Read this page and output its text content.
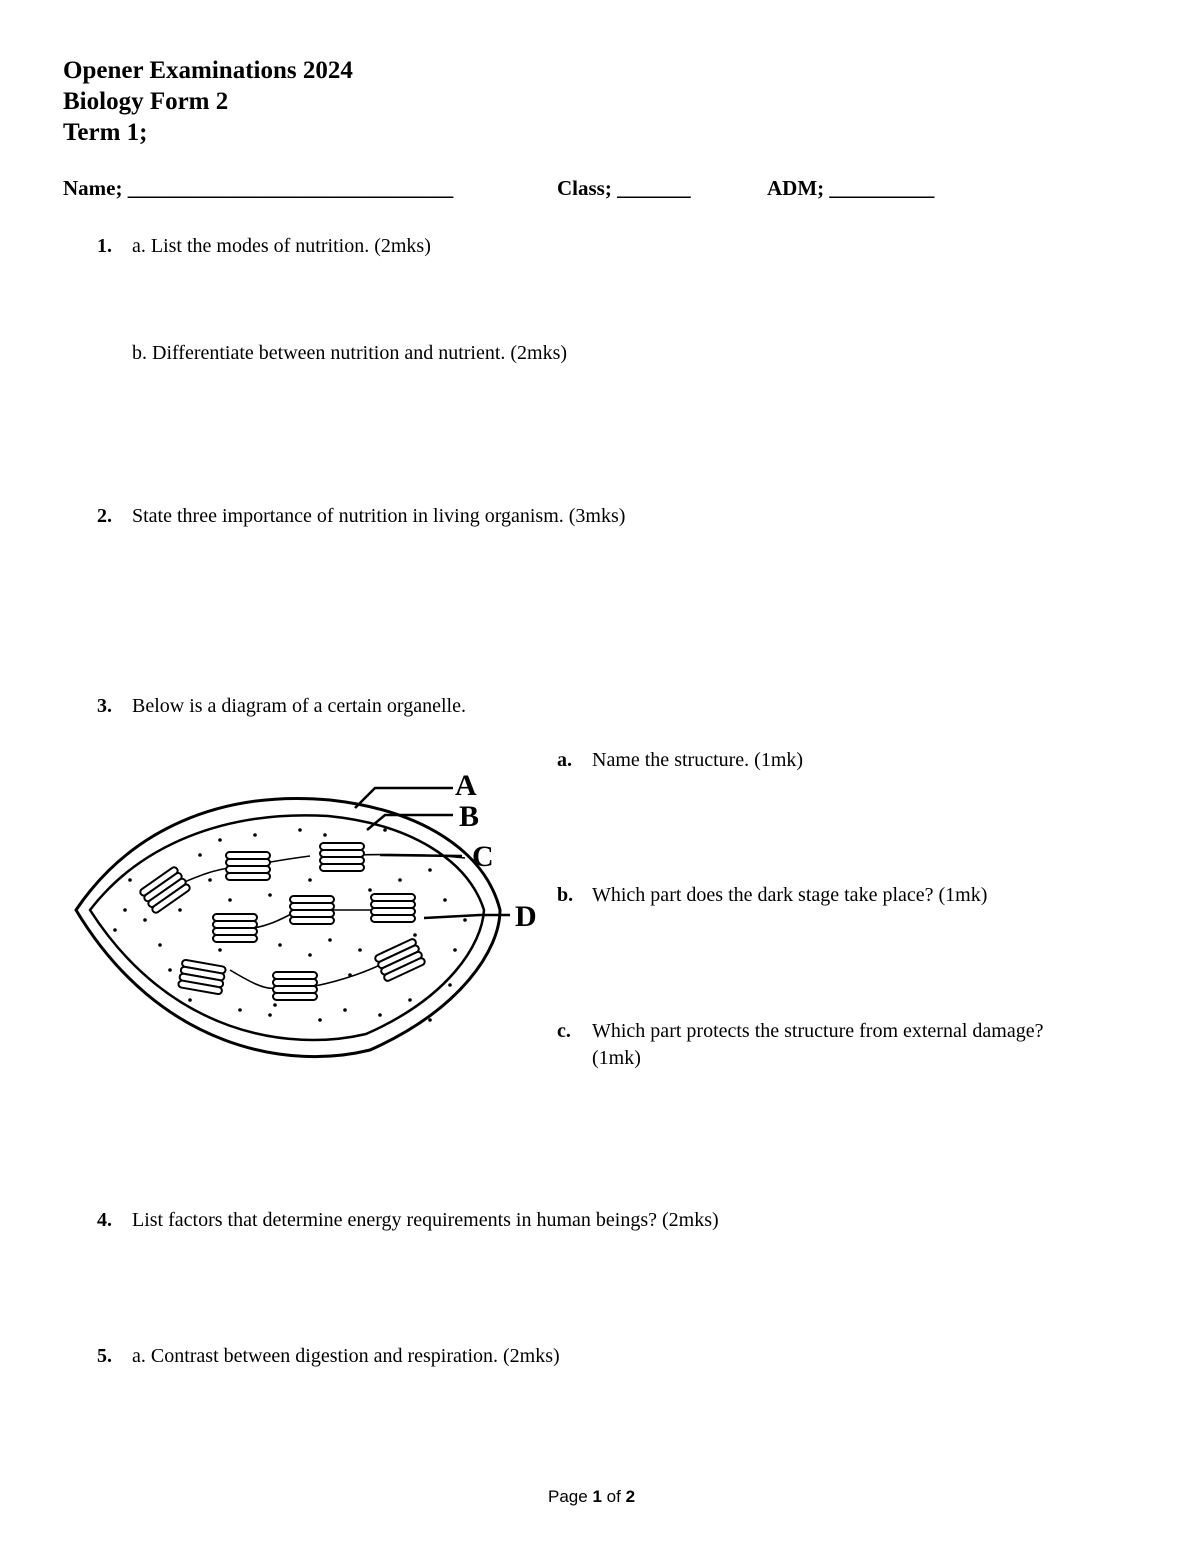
Opener Examinations 2024
Biology Form 2
Term 1;
Name; _______________________________	Class; _______	ADM; __________
1. a. List the modes of nutrition. (2mks)
b. Differentiate between nutrition and nutrient. (2mks)
2. State three importance of nutrition in living organism. (3mks)
3. Below is a diagram of a certain organelle.
a. Name the structure. (1mk)
b. Which part does the dark stage take place? (1mk)
c. Which part protects the structure from external damage?
(1mk)
A
B
C
D
4. List factors that determine energy requirements in human beings? (2mks)
5. a. Contrast between digestion and respiration. (2mks)
Page 1 of 2
